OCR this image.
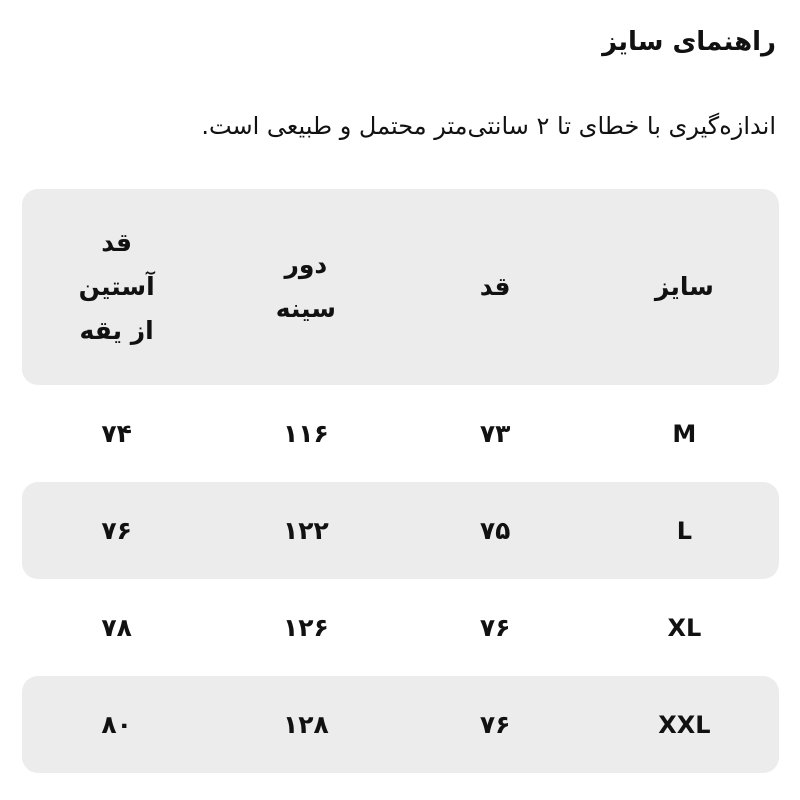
راهنمای سایز
اندازه‌گیری با خطای تا ۲ سانتی‌متر محتمل و طبیعی است.
سایز
قد
دور
سینه
قد
آستین
از یقه
M
۷۳
۱۱۶
۷۴
L
۷۵
۱۲۲
۷۶
XL
۷۶
۱۲۶
۷۸
XXL
۷۶
۱۲۸
۸۰
